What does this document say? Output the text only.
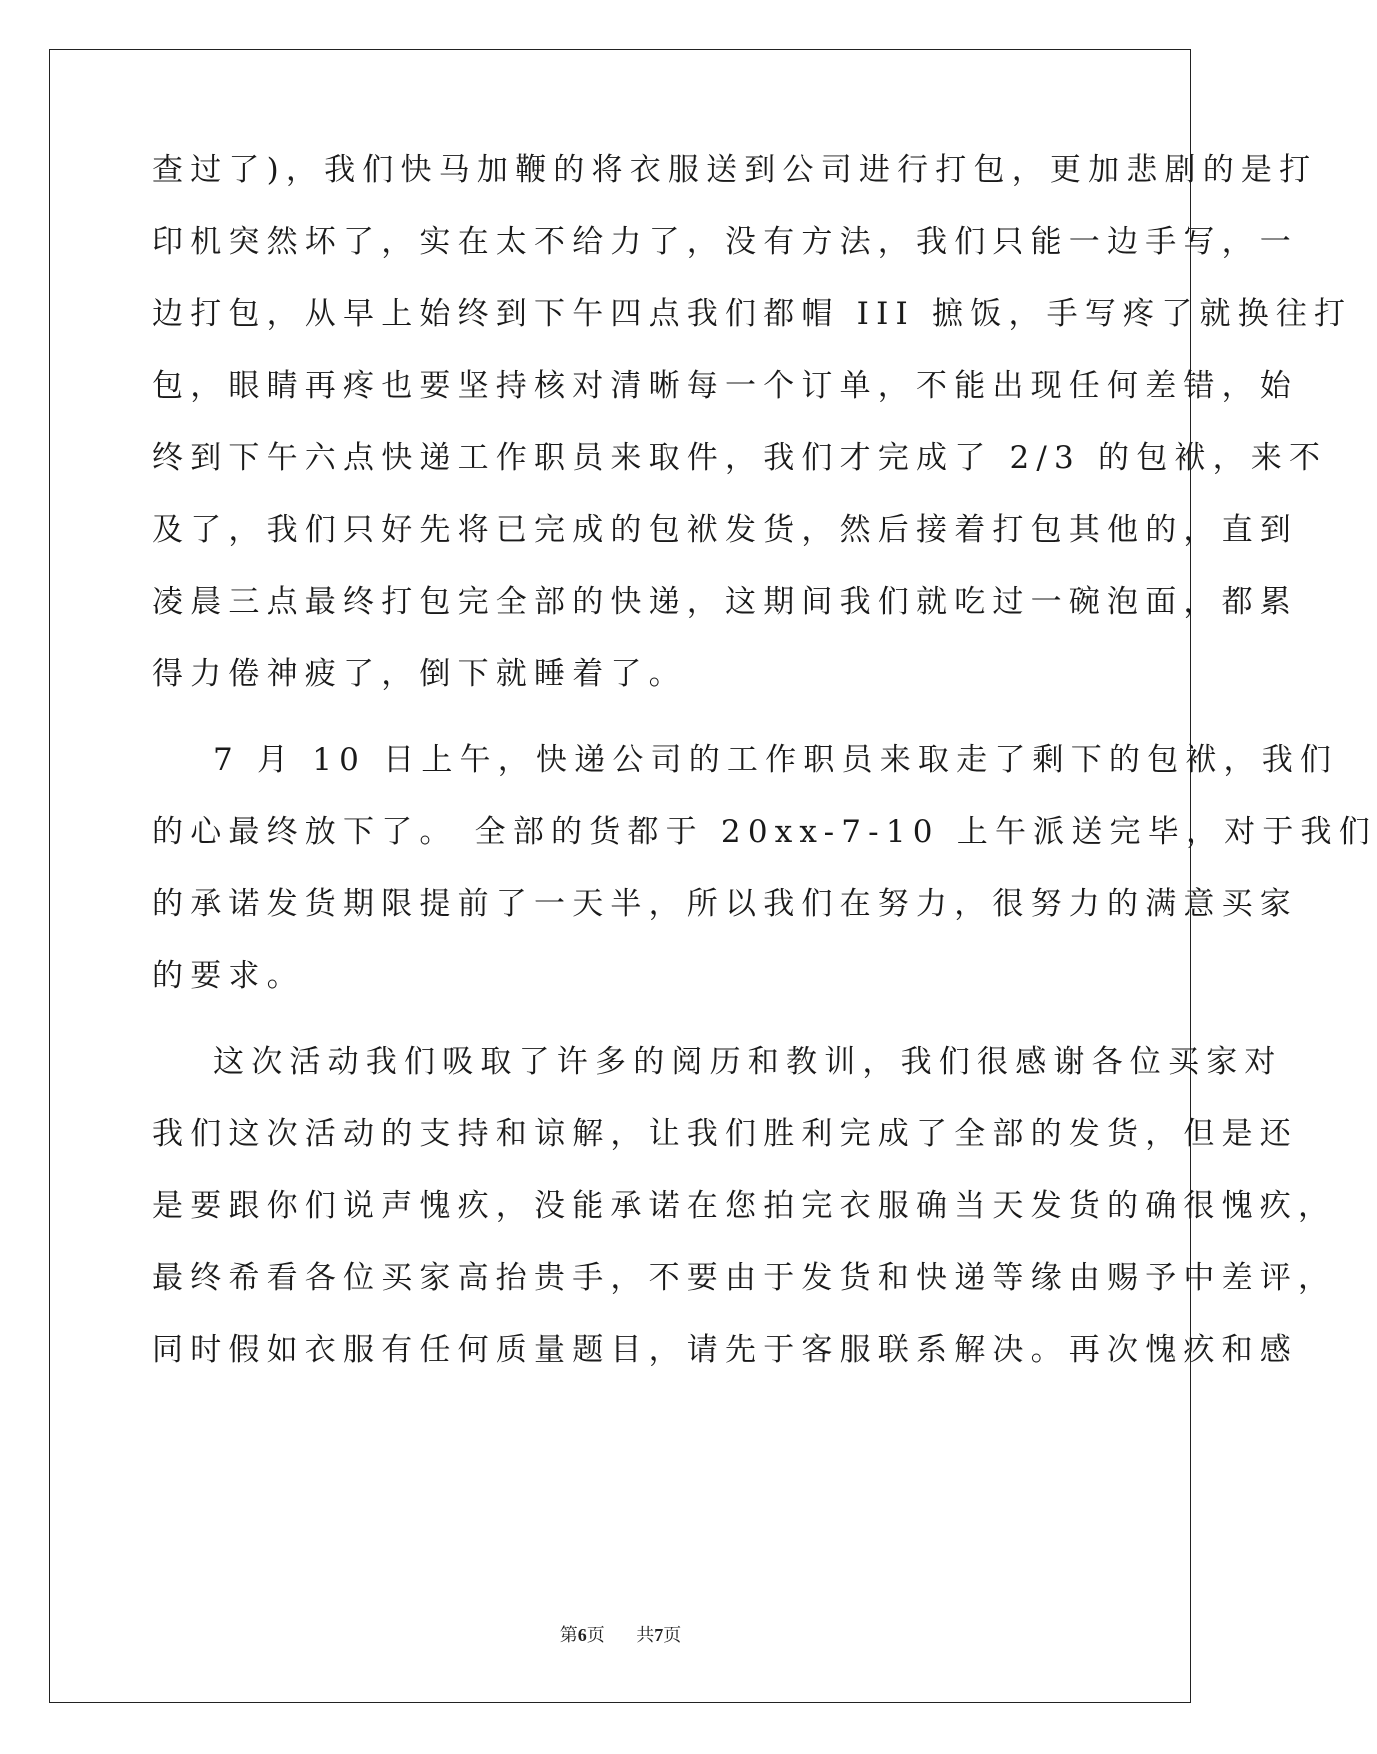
查过了)，我们快马加鞭的将衣服送到公司进行打包，更加悲剧的是打
印机突然坏了，实在太不给力了，没有方法，我们只能一边手写，一
边打包，从早上始终到下午四点我们都帽 III 摭饭，手写疼了就换往打
包，眼睛再疼也要坚持核对清晰每一个订单，不能出现任何差错，始
终到下午六点快递工作职员来取件，我们才完成了 2/3 的包袱，来不
及了，我们只好先将已完成的包袱发货，然后接着打包其他的，直到
凌晨三点最终打包完全部的快递，这期间我们就吃过一碗泡面，都累
得力倦神疲了，倒下就睡着了。
7 月 10 日上午，快递公司的工作职员来取走了剩下的包袱，我们
的心最终放下了。 全部的货都于 20xx-7-10 上午派送完毕，对于我们
的承诺发货期限提前了一天半，所以我们在努力，很努力的满意买家
的要求。
这次活动我们吸取了许多的阅历和教训，我们很感谢各位买家对
我们这次活动的支持和谅解，让我们胜利完成了全部的发货，但是还
是要跟你们说声愧疚，没能承诺在您拍完衣服确当天发货的确很愧疚，
最终希看各位买家高抬贵手，不要由于发货和快递等缘由赐予中差评，
同时假如衣服有任何质量题目，请先于客服联系解决。再次愧疚和感
第6页 共7页
